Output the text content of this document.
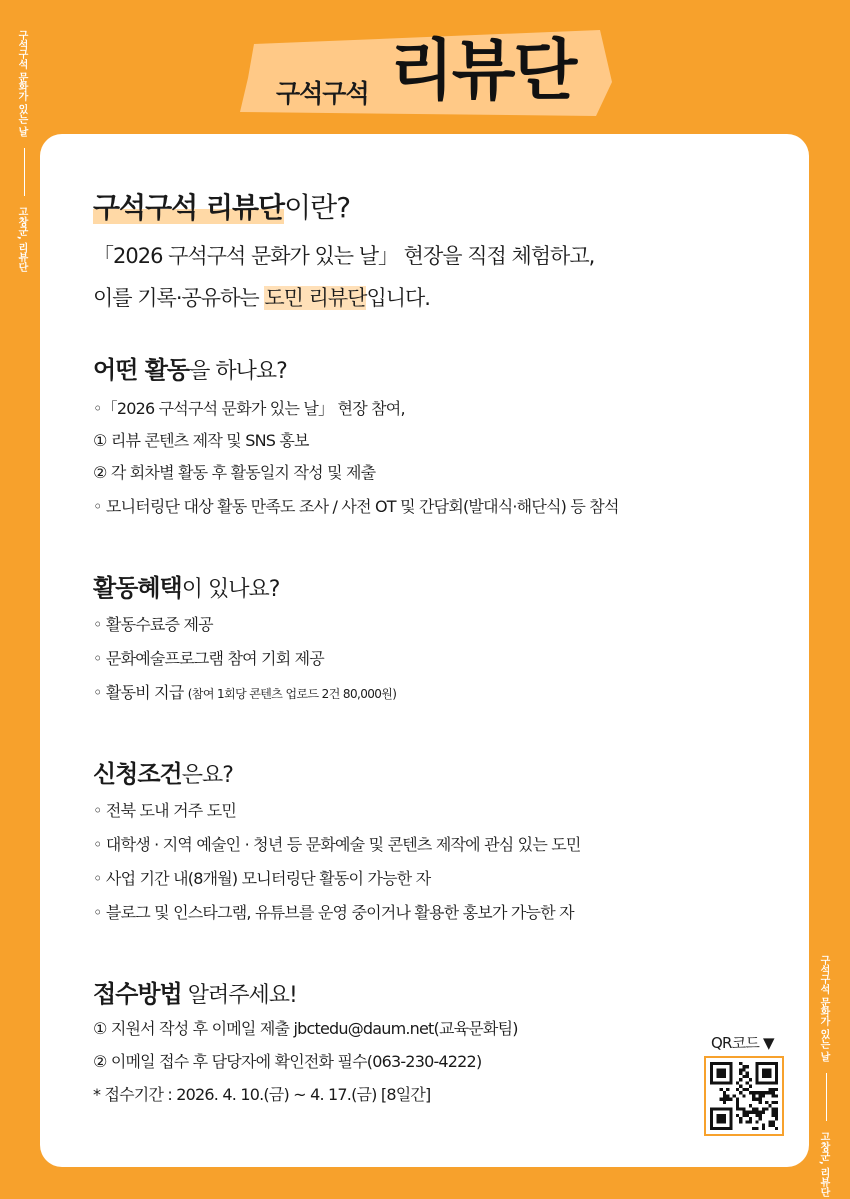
구석구석 리뷰단
구석구석 문화가 있는 날  고창군, 리뷰단
구석구석 문화가 있는 날  고창군, 리뷰단
구석구석 리뷰단이란?
「2026 구석구석 문화가 있는 날」 현장을 직접 체험하고,
이를 기록·공유하는 도민 리뷰단입니다.
어떤 활동을 하나요?
◦「2026 구석구석 문화가 있는 날」 현장 참여,
① 리뷰 콘텐츠 제작 및 SNS 홍보
② 각 회차별 활동 후 활동일지 작성 및 제출
◦ 모니터링단 대상 활동 만족도 조사 / 사전 OT 및 간담회(발대식·해단식) 등 참석
활동혜택이 있나요?
◦ 활동수료증 제공
◦ 문화예술프로그램 참여 기회 제공
◦ 활동비 지급 (참여 1회당 콘텐츠 업로드 2건 80,000원)
신청조건은요?
◦ 전북 도내 거주 도민
◦ 대학생 · 지역 예술인 · 청년 등 문화예술 및 콘텐츠 제작에 관심 있는 도민
◦ 사업 기간 내(8개월) 모니터링단 활동이 가능한 자
◦ 블로그 및 인스타그램, 유튜브를 운영 중이거나 활용한 홍보가 가능한 자
접수방법 알려주세요!
① 지원서 작성 후 이메일 제출 jbctedu@daum.net(교육문화팀)
② 이메일 접수 후 담당자에 확인전화 필수(063-230-4222)
* 접수기간 : 2026. 4. 10.(금) ~ 4. 17.(금) [8일간]
QR코드 ▼
